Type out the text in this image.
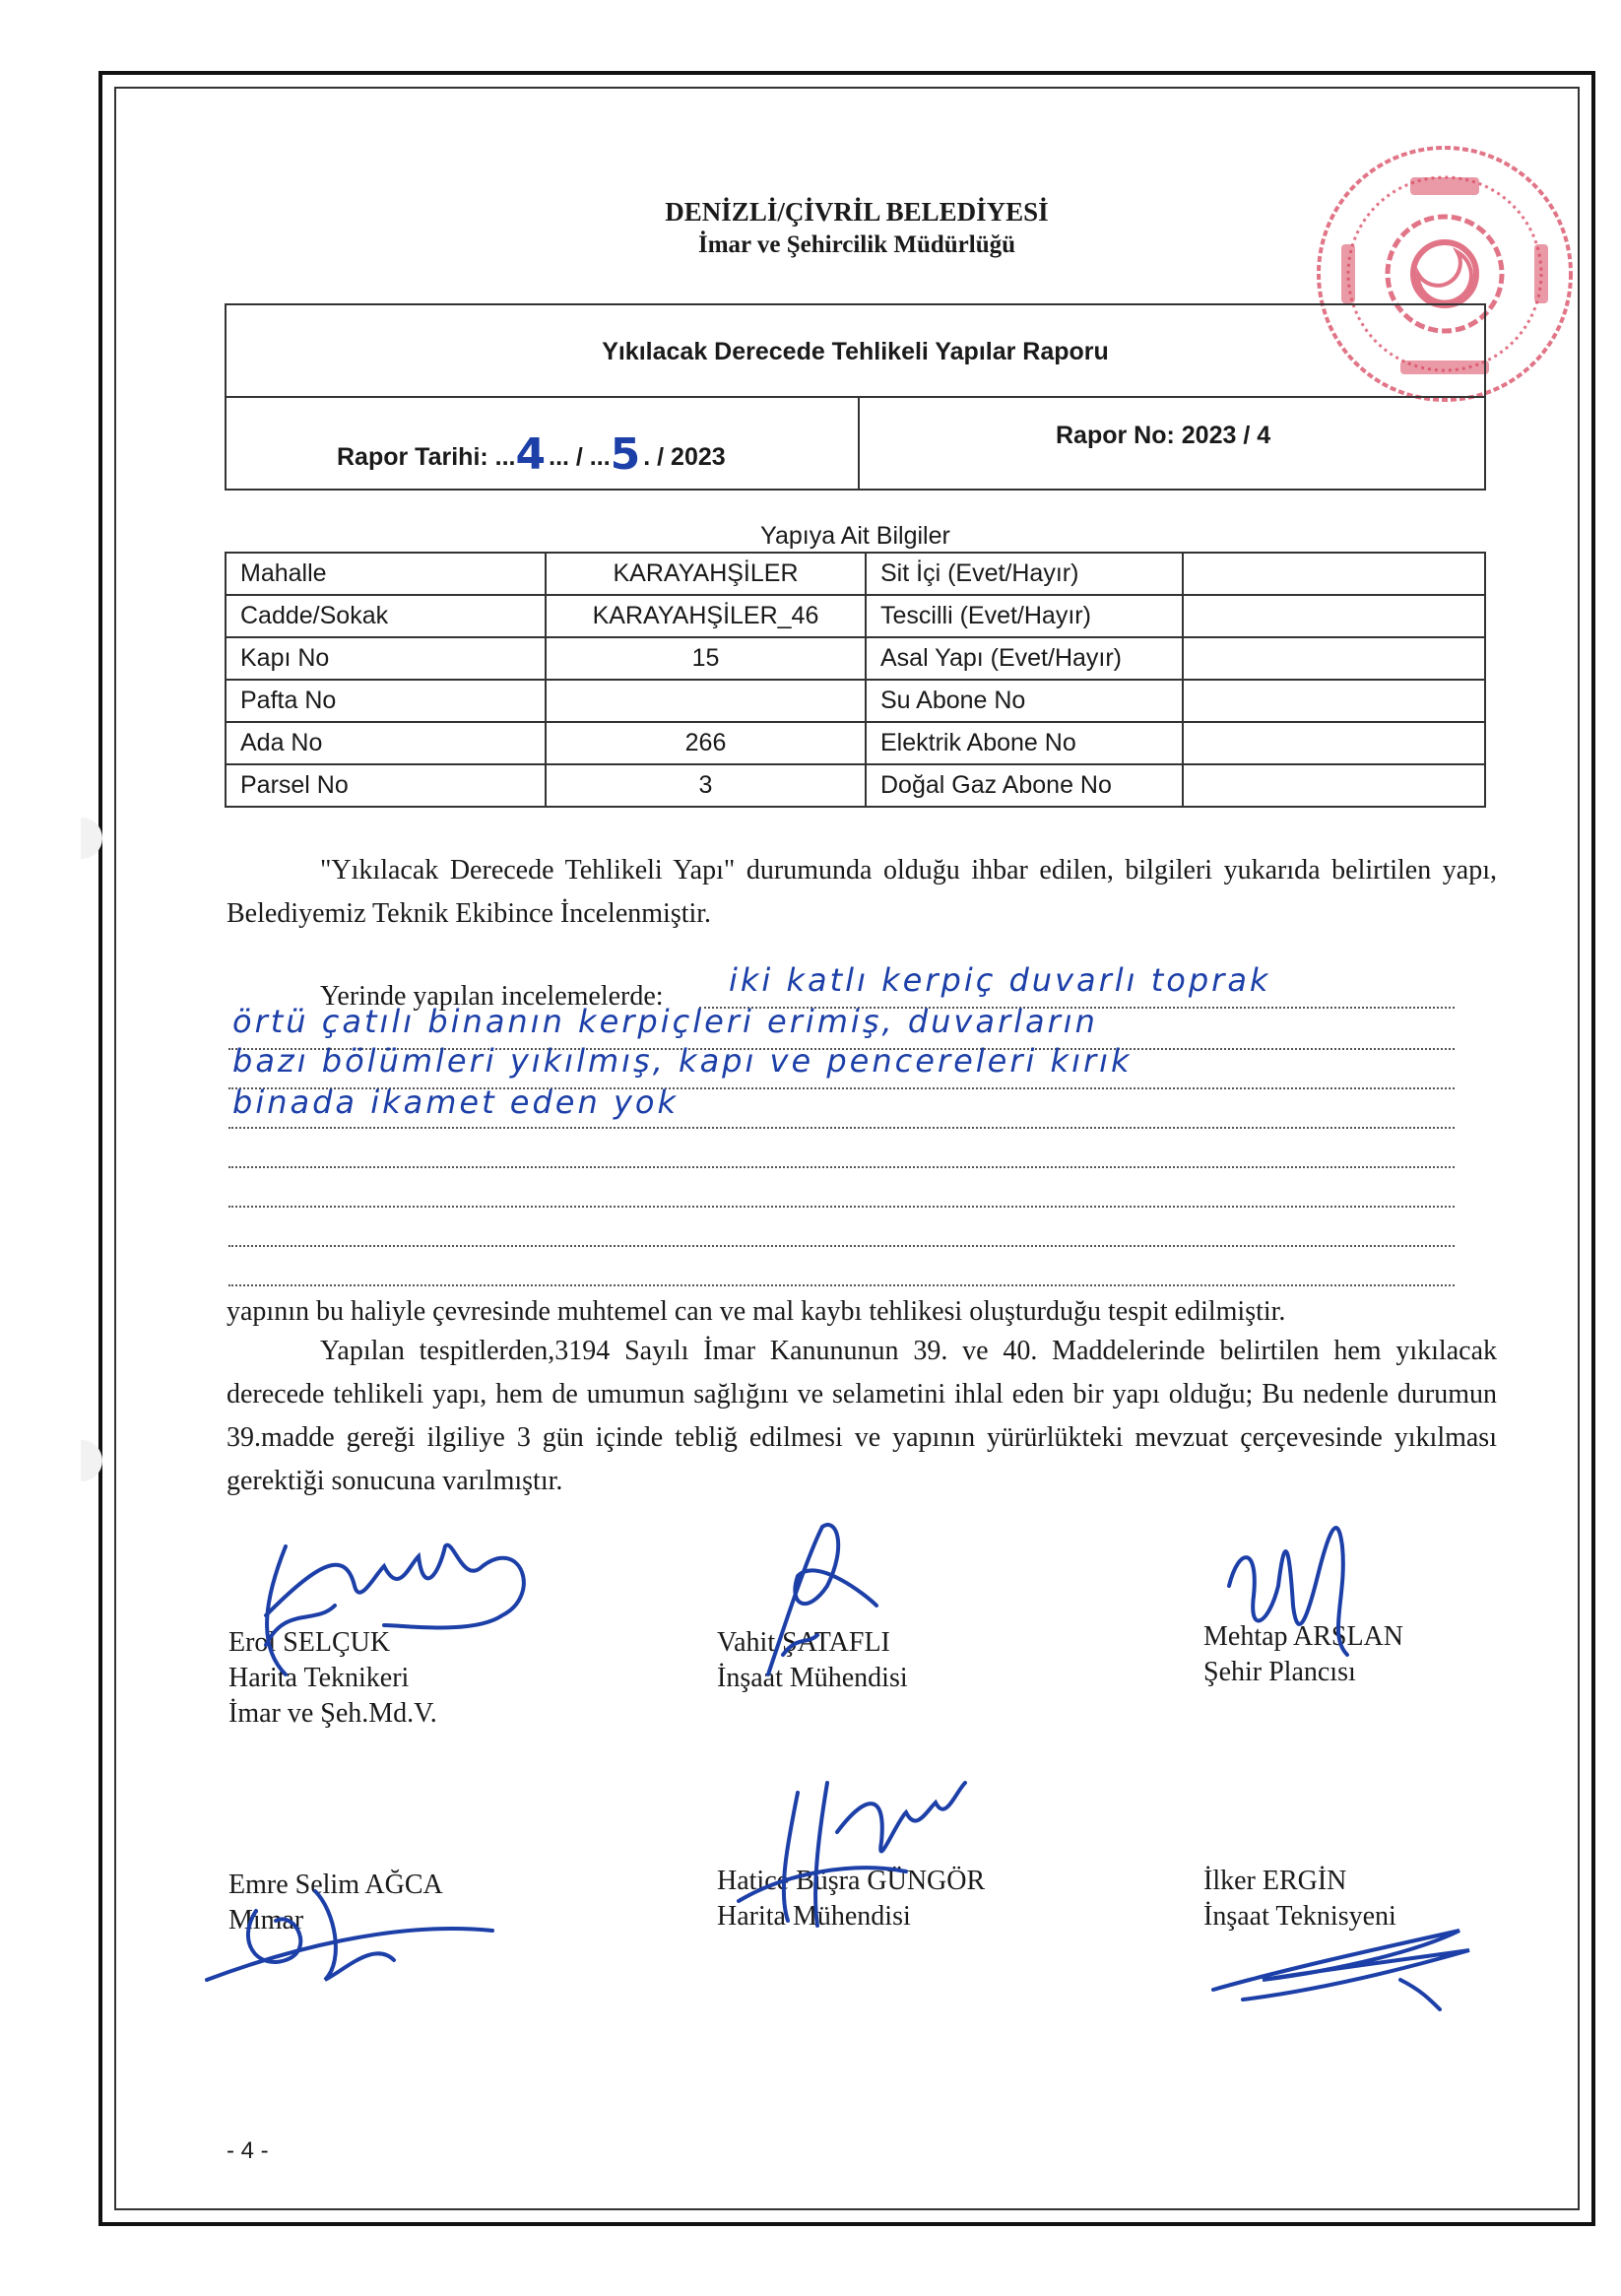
DENİZLİ/ÇİVRİL BELEDİYESİ
İmar ve Şehircilik Müdürlüğü
Yıkılacak Derecede Tehlikeli Yapılar Raporu
Rapor Tarihi: ...4... / ...5. / 2023
Rapor No: 2023 / 4
Yapıya Ait Bilgiler
Mahalle	KARAYAHŞİLER	Sit İçi (Evet/Hayır)	
Cadde/Sokak	KARAYAHŞİLER_46	Tescilli (Evet/Hayır)	
Kapı No	15	Asal Yapı (Evet/Hayır)	
Pafta No		Su Abone No	
Ada No	266	Elektrik Abone No	
Parsel No	3	Doğal Gaz Abone No	
"Yıkılacak Derecede Tehlikeli Yapı" durumunda olduğu ihbar edilen, bilgileri yukarıda belirtilen yapı, Belediyemiz Teknik Ekibince İncelenmiştir.
Yerinde yapılan incelemelerde: iki katlı kerpiç duvarlı toprak
örtü çatılı binanın kerpiçleri erimiş, duvarların
bazı bölümleri yıkılmış, kapı ve pencereleri kırık
binada ikamet eden yok
yapının bu haliyle çevresinde muhtemel can ve mal kaybı tehlikesi oluşturduğu tespit edilmiştir.
Yapılan tespitlerden,3194 Sayılı İmar Kanununun 39. ve 40. Maddelerinde belirtilen hem yıkılacak derecede tehlikeli yapı, hem de umumun sağlığını ve selametini ihlal eden bir yapı olduğu; Bu nedenle durumun 39.madde gereği ilgiliye 3 gün içinde tebliğ edilmesi ve yapının yürürlükteki mevzuat çerçevesinde yıkılması gerektiği sonucuna varılmıştır.
Erol SELÇUK
Harita Teknikeri
İmar ve Şeh.Md.V.
Vahit ŞATAFLI
İnşaat Mühendisi
Mehtap ARSLAN
Şehir Plancısı
Emre Selim AĞCA
Mimar
Hatice Büşra GÜNGÖR
Harita Mühendisi
İlker ERGİN
İnşaat Teknisyeni
- 4 -
